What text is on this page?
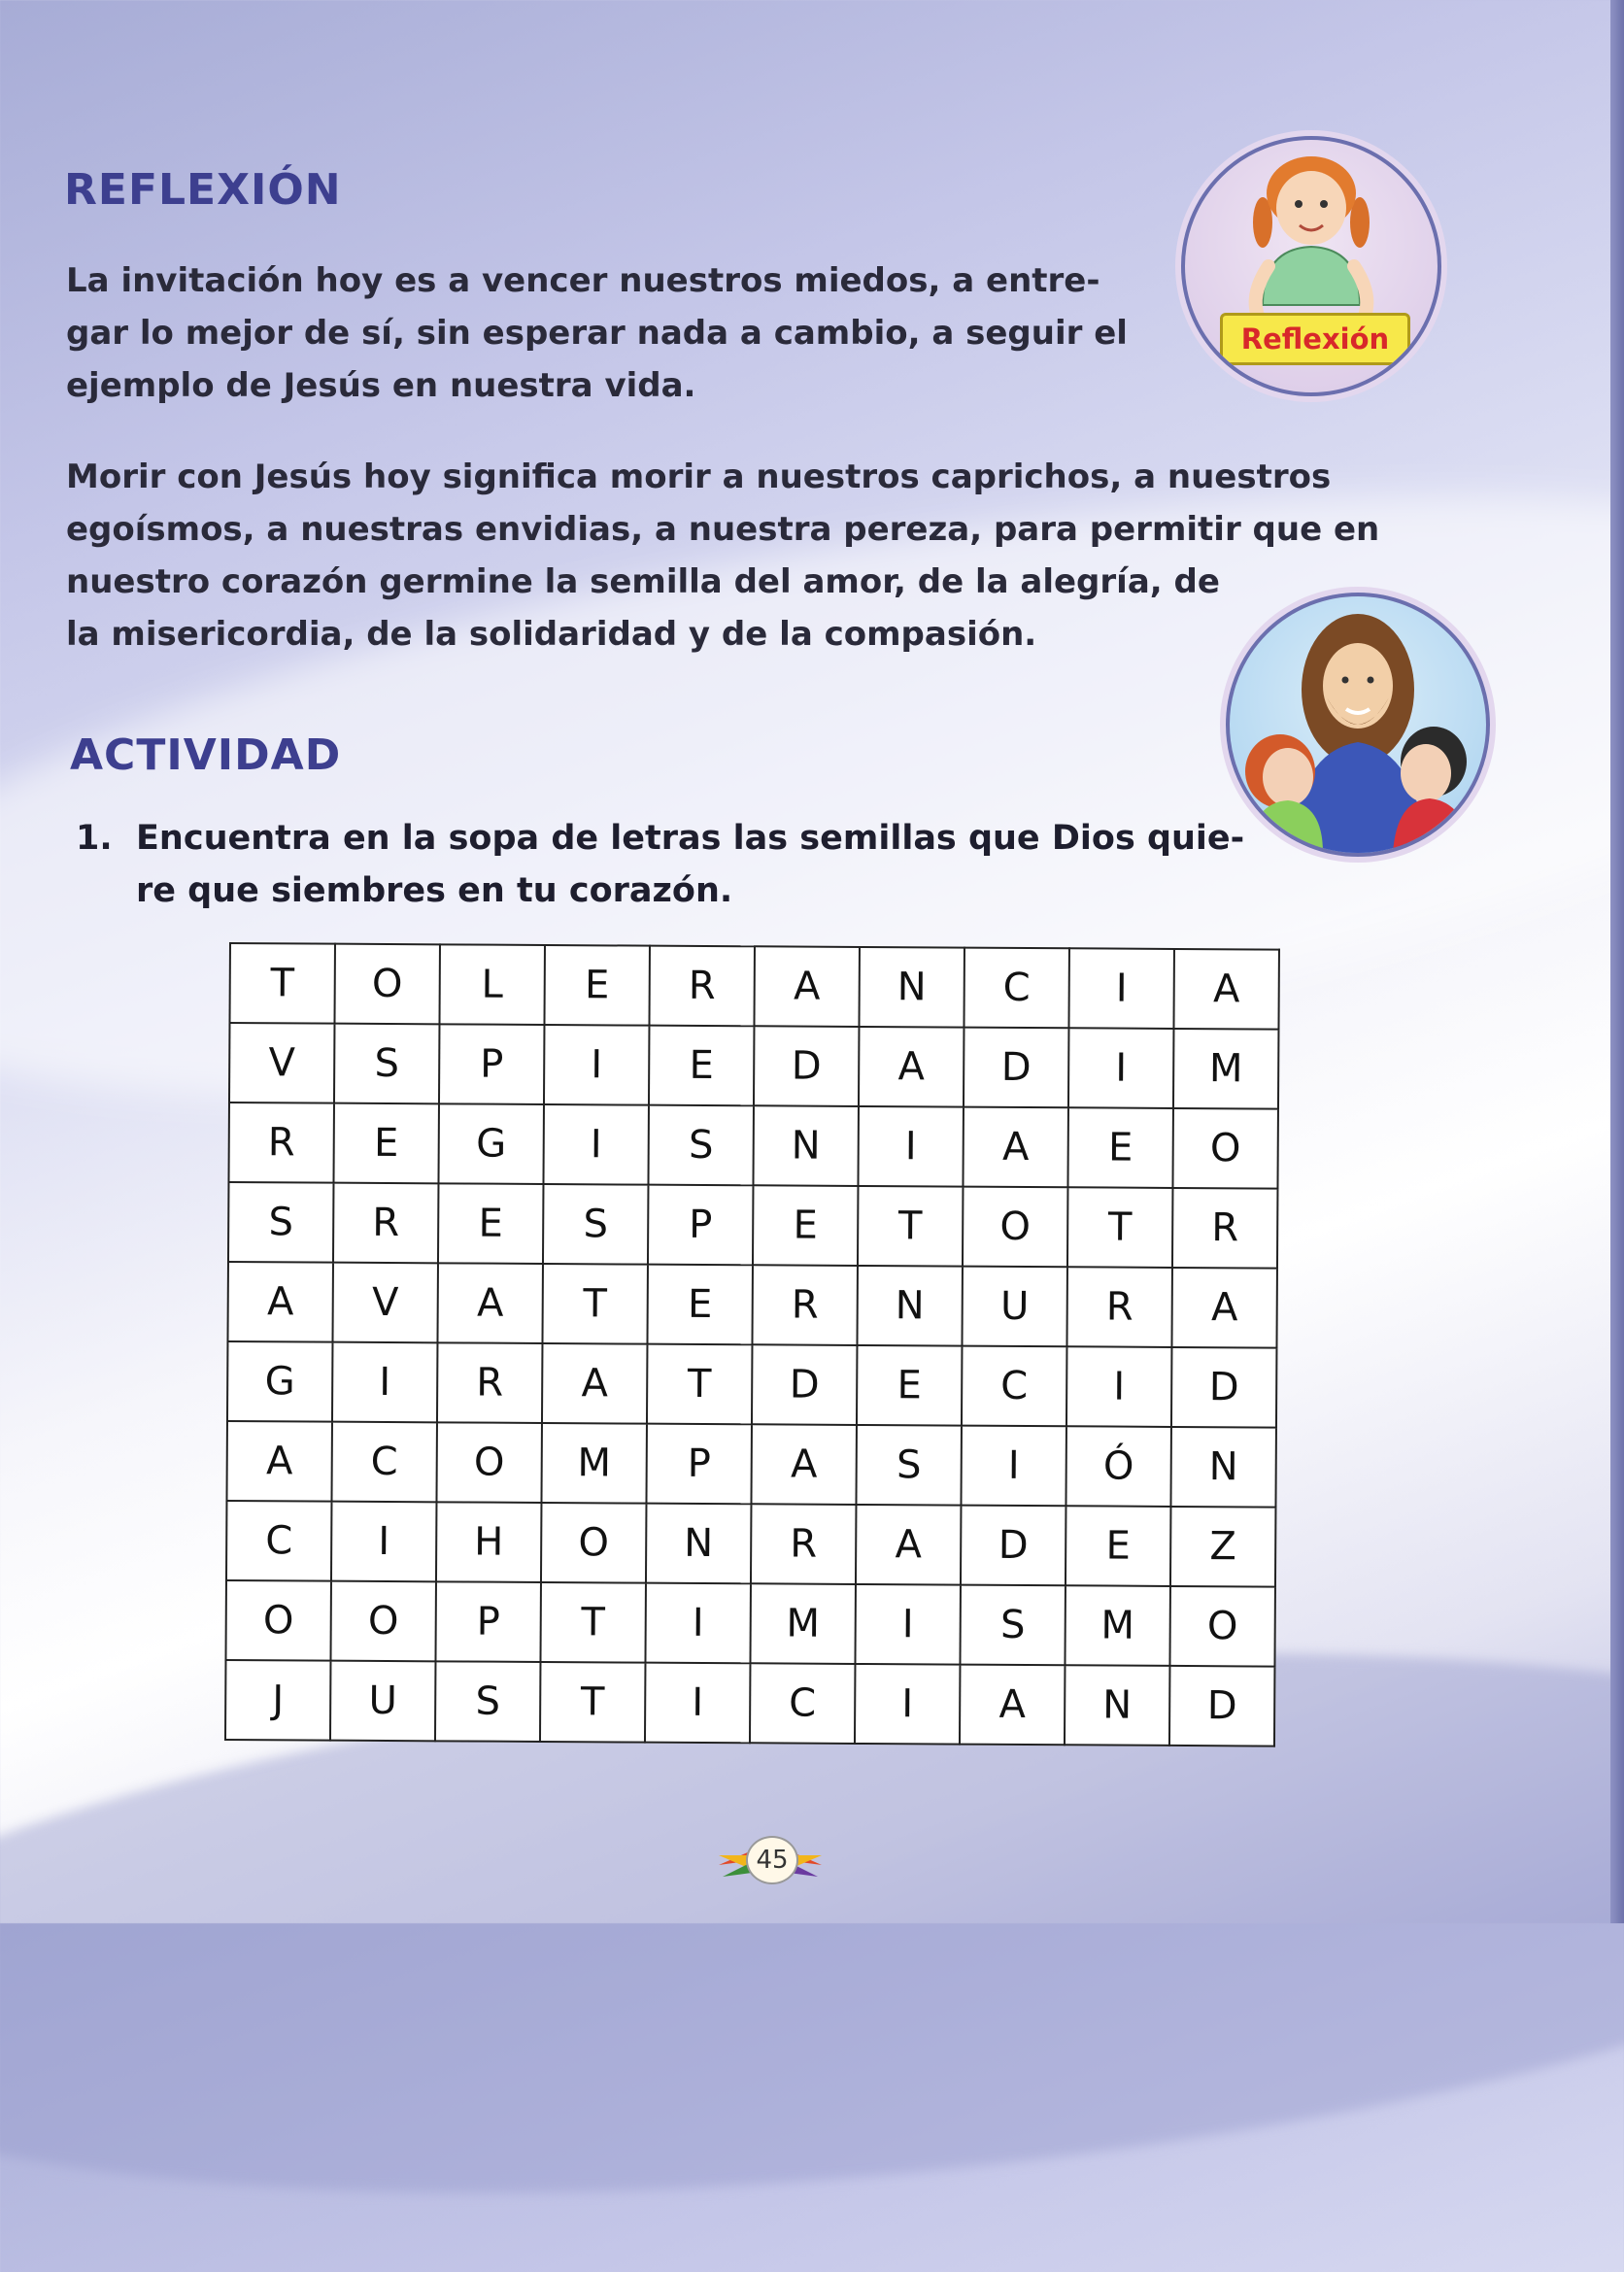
REFLEXIÓN
La invitación hoy es a vencer nuestros miedos, a entre-
gar lo mejor de sí, sin esperar nada a cambio, a seguir el
ejemplo de Jesús en nuestra vida.
Morir con Jesús hoy significa morir a nuestros caprichos, a nuestros
egoísmos, a nuestras envidias, a nuestra pereza, para permitir que en
nuestro corazón germine la semilla del amor, de la alegría, de
la misericordia, de la solidaridad y de la compasión.
Reflexión
ACTIVIDAD
1. Encuentra en la sopa de letras las semillas que Dios quie-
re que siembres en tu corazón.
T	O	L	E	R	A	N	C	I	A
V	S	P	I	E	D	A	D	I	M
R	E	G	I	S	N	I	A	E	O
S	R	E	S	P	E	T	O	T	R
A	V	A	T	E	R	N	U	R	A
G	I	R	A	T	D	E	C	I	D
A	C	O	M	P	A	S	I	Ó	N
C	I	H	O	N	R	A	D	E	Z
O	O	P	T	I	M	I	S	M	O
J	U	S	T	I	C	I	A	N	D
45
